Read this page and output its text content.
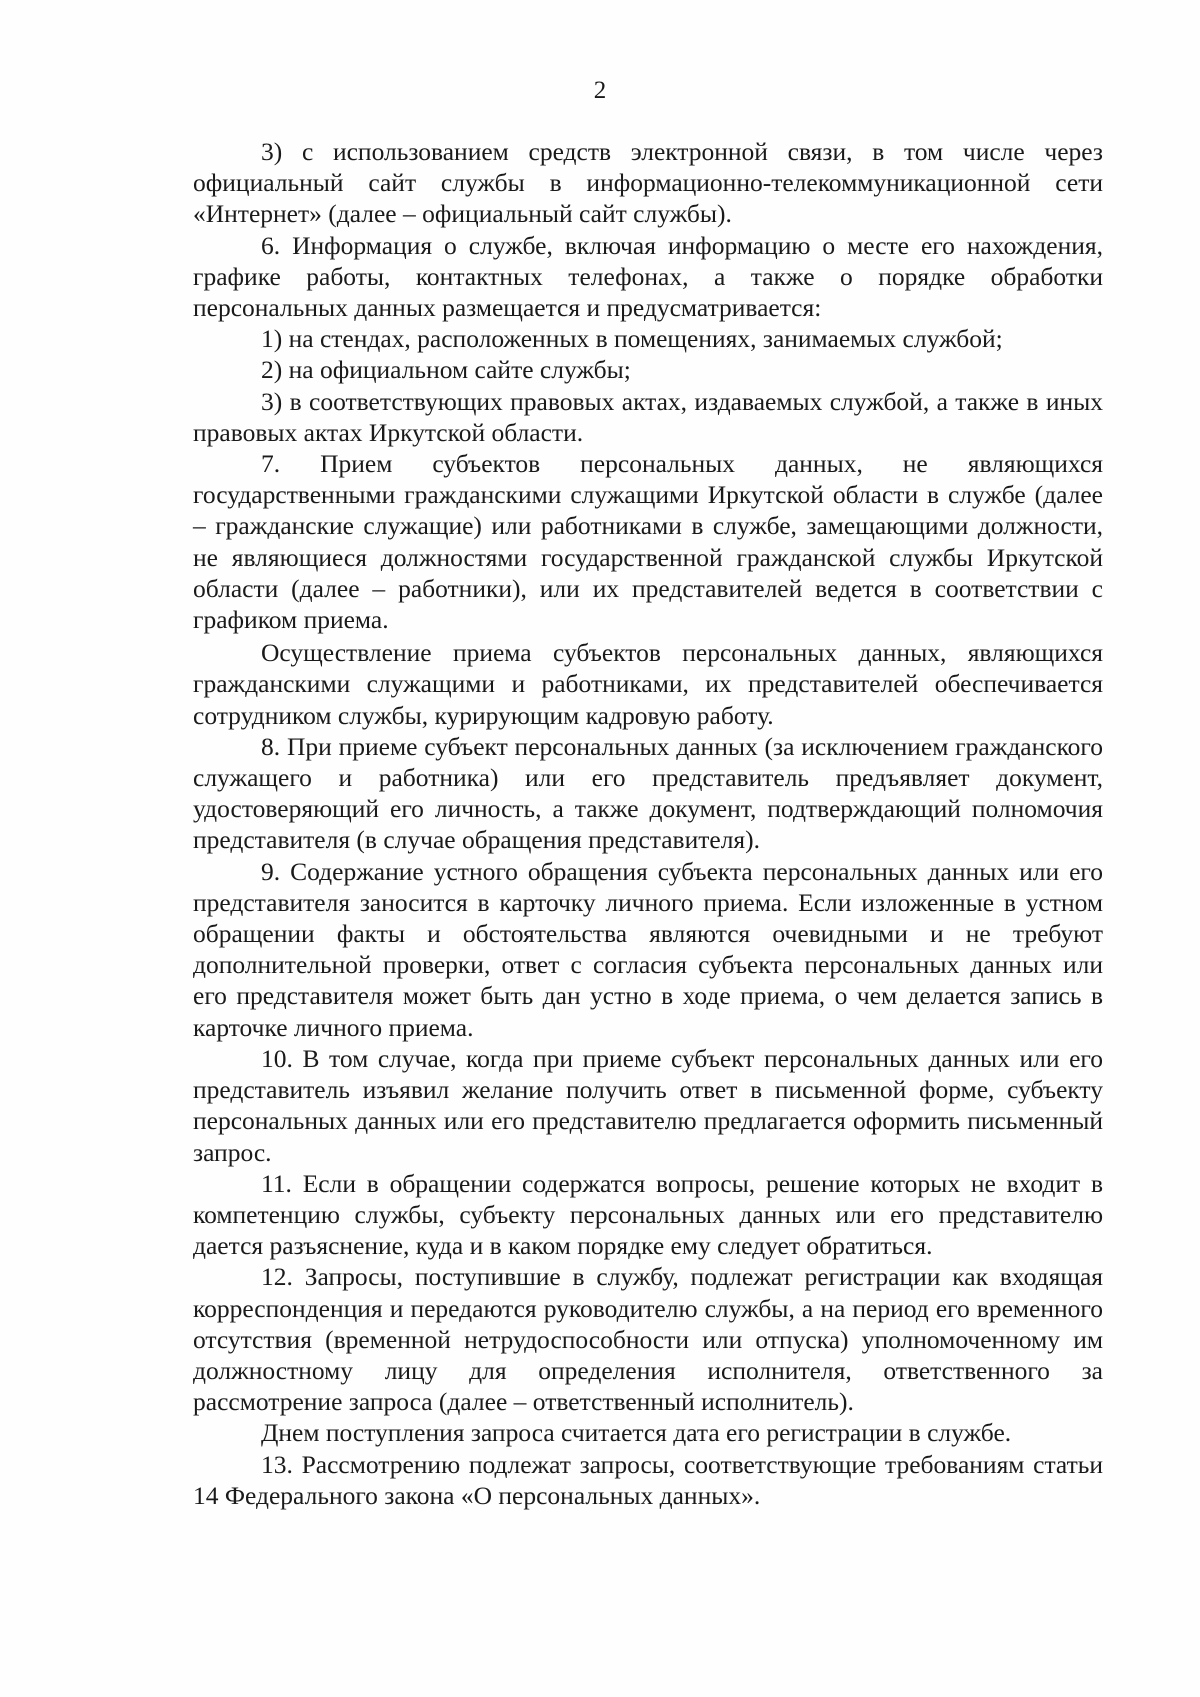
2

3) с использованием средств электронной связи, в том числе через официальный сайт службы в информационно-телекоммуникационной сети «Интернет» (далее – официальный сайт службы).

6. Информация о службе, включая информацию о месте его нахождения, графике работы, контактных телефонах, а также о порядке обработки персональных данных размещается и предусматривается:

1) на стендах, расположенных в помещениях, занимаемых службой;

2) на официальном сайте службы;

3) в соответствующих правовых актах, издаваемых службой, а также в иных правовых актах Иркутской области.

7. Прием субъектов персональных данных, не являющихся государственными гражданскими служащими Иркутской области в службе (далее – гражданские служащие) или работниками в службе, замещающими должности, не являющиеся должностями государственной гражданской службы Иркутской области (далее – работники), или их представителей ведется в соответствии с графиком приема.

Осуществление приема субъектов персональных данных, являющихся гражданскими служащими и работниками, их представителей обеспечивается сотрудником службы, курирующим кадровую работу.

8. При приеме субъект персональных данных (за исключением гражданского служащего и работника) или его представитель предъявляет документ, удостоверяющий его личность, а также документ, подтверждающий полномочия представителя (в случае обращения представителя).

9. Содержание устного обращения субъекта персональных данных или его представителя заносится в карточку личного приема. Если изложенные в устном обращении факты и обстоятельства являются очевидными и не требуют дополнительной проверки, ответ с согласия субъекта персональных данных или его представителя может быть дан устно в ходе приема, о чем делается запись в карточке личного приема.

10. В том случае, когда при приеме субъект персональных данных или его представитель изъявил желание получить ответ в письменной форме, субъекту персональных данных или его представителю предлагается оформить письменный запрос.

11. Если в обращении содержатся вопросы, решение которых не входит в компетенцию службы, субъекту персональных данных или его представителю дается разъяснение, куда и в каком порядке ему следует обратиться.

12. Запросы, поступившие в службу, подлежат регистрации как входящая корреспонденция и передаются руководителю службы, а на период его временного отсутствия (временной нетрудоспособности или отпуска) уполномоченному им должностному лицу для определения исполнителя, ответственного за рассмотрение запроса (далее – ответственный исполнитель).

Днем поступления запроса считается дата его регистрации в службе.

13. Рассмотрению подлежат запросы, соответствующие требованиям статьи 14 Федерального закона «О персональных данных».
